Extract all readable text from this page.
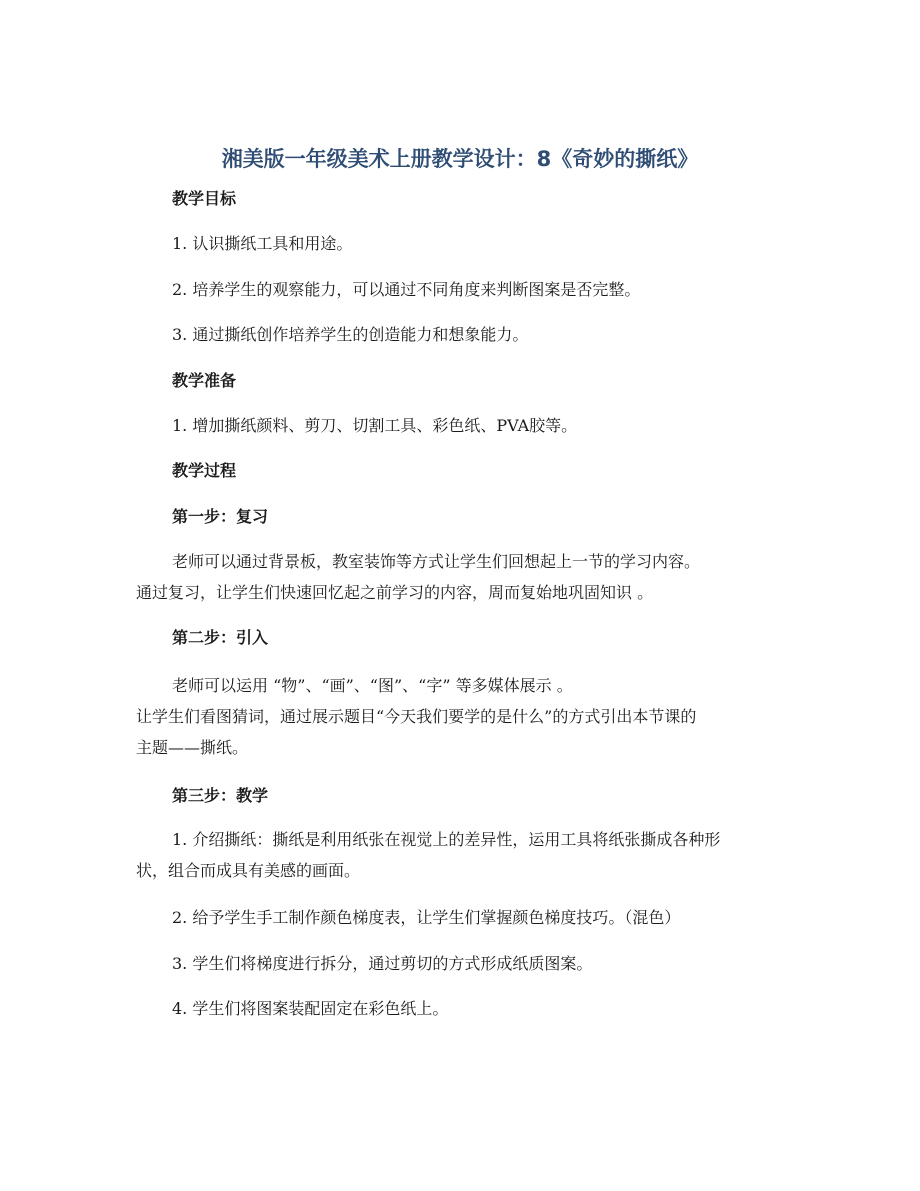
湘美版一年级美术上册教学设计：8《奇妙的撕纸》
教学目标
1. 认识撕纸工具和用途。
2. 培养学生的观察能力，可以通过不同角度来判断图案是否完整。
3. 通过撕纸创作培养学生的创造能力和想象能力。
教学准备
1. 增加撕纸颜料、剪刀、切割工具、彩色纸、PVA胶等。
教学过程
第一步：复习
老师可以通过背景板，教室装饰等方式让学生们回想起上一节的学习内容。
通过复习，让学生们快速回忆起之前学习的内容，周而复始地巩固知识 。
第二步：引入
老师可以运用 “物”、“画”、“图”、“字” 等多媒体展示 。
让学生们看图猜词，通过展示题目“今天我们要学的是什么”的方式引出本节课的
主题——撕纸。
第三步：教学
1. 介绍撕纸：撕纸是利用纸张在视觉上的差异性，运用工具将纸张撕成各种形
状，组合而成具有美感的画面。
2. 给予学生手工制作颜色梯度表，让学生们掌握颜色梯度技巧。（混色）
3. 学生们将梯度进行拆分，通过剪切的方式形成纸质图案。
4. 学生们将图案装配固定在彩色纸上。
